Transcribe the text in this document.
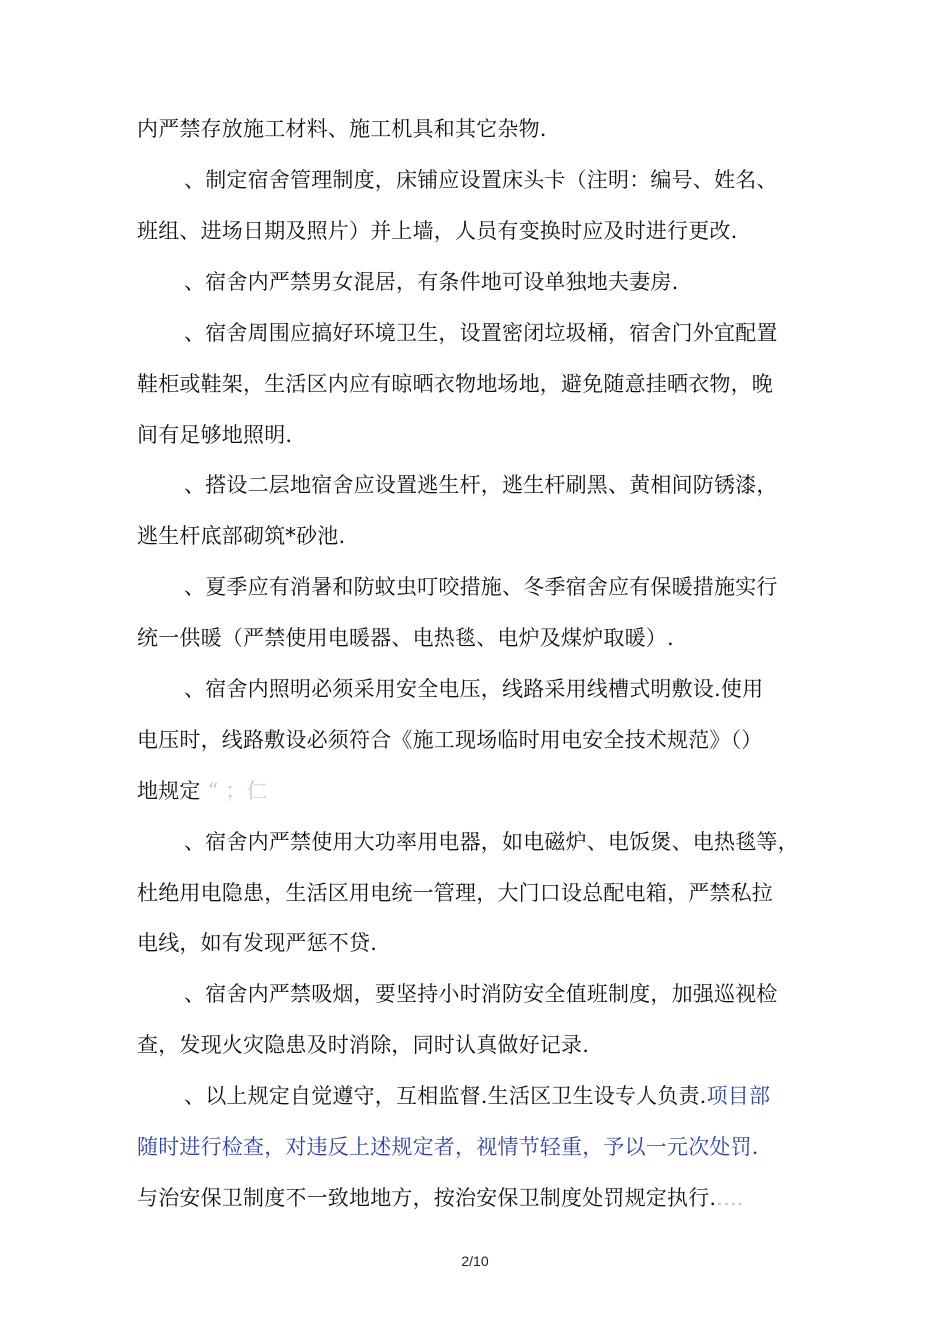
内严禁存放施工材料、施工机具和其它杂物.
、制定宿舍管理制度，床铺应设置床头卡（注明：编号、姓名、
班组、进场日期及照片）并上墙，人员有变换时应及时进行更改.
、宿舍内严禁男女混居，有条件地可设单独地夫妻房.
、宿舍周围应搞好环境卫生，设置密闭垃圾桶，宿舍门外宜配置
鞋柜或鞋架，生活区内应有晾晒衣物地场地，避免随意挂晒衣物，晚
间有足够地照明.
、搭设二层地宿舍应设置逃生杆，逃生杆刷黑、黄相间防锈漆，
逃生杆底部砌筑*砂池.
、夏季应有消暑和防蚊虫叮咬措施、冬季宿舍应有保暖措施实行
统一供暖（严禁使用电暖器、电热毯、电炉及煤炉取暖）.
、宿舍内照明必须采用安全电压，线路采用线槽式明敷设.使用
电压时，线路敷设必须符合《施工现场临时用电安全技术规范》（）
地规定 “ ；仁
、宿舍内严禁使用大功率用电器，如电磁炉、电饭煲、电热毯等，
杜绝用电隐患，生活区用电统一管理，大门口设总配电箱，严禁私拉
电线，如有发现严惩不贷.
、宿舍内严禁吸烟，要坚持小时消防安全值班制度，加强巡视检
查，发现火灾隐患及时消除，同时认真做好记录.
、以上规定自觉遵守，互相监督.生活区卫生设专人负责.项目部
随时进行检查，对违反上述规定者，视情节轻重，予以一元次处罚.
与治安保卫制度不一致地地方，按治安保卫制度处罚规定执行.....
2/10
